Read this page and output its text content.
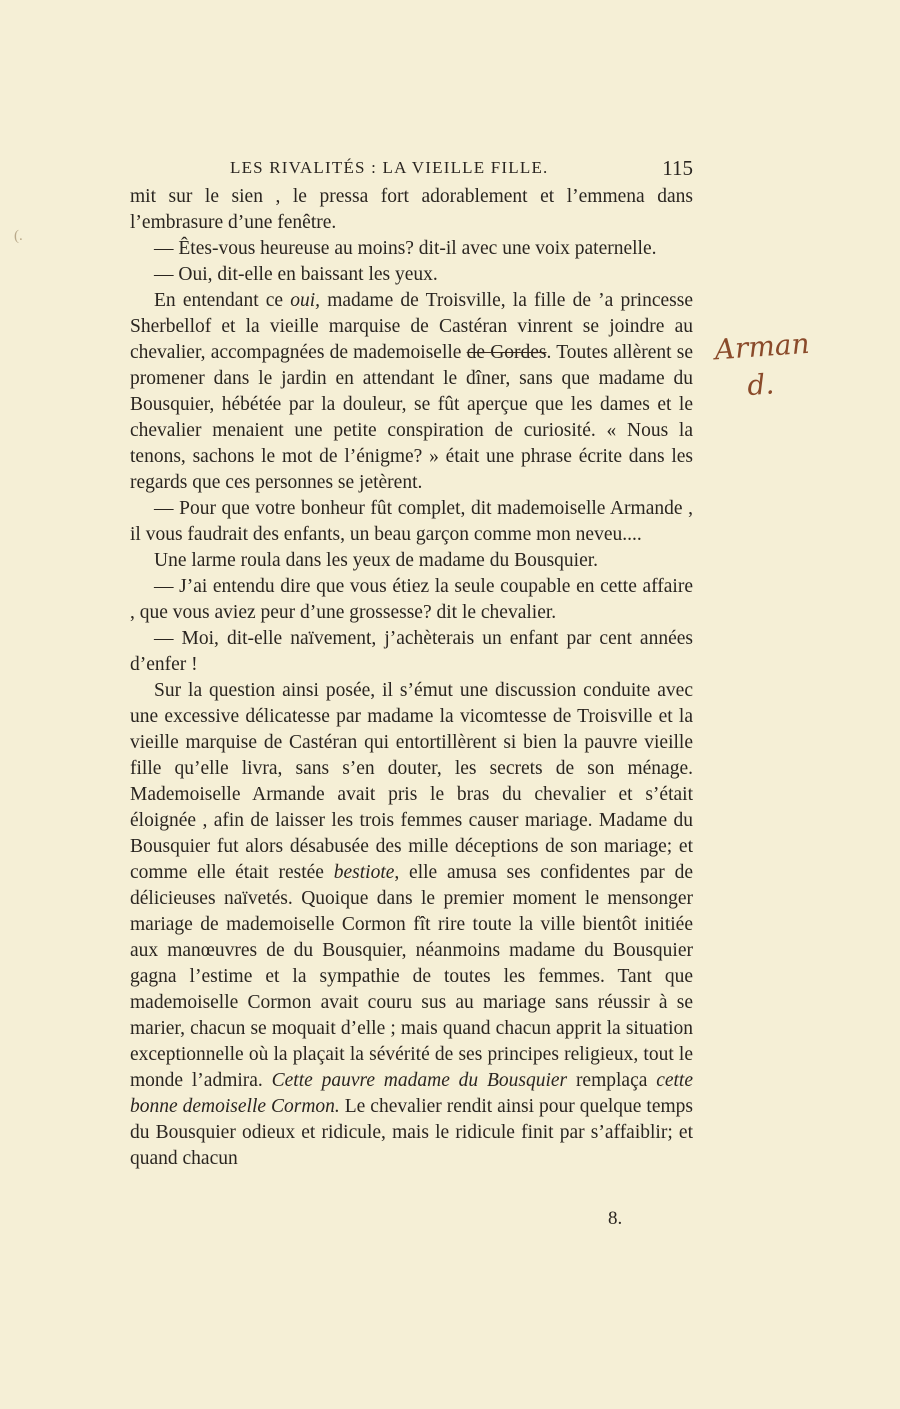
LES RIVALITÉS : LA VIEILLE FILLE.	115

mit sur le sien , le pressa fort adorablement et l’emmena dans l’embrasure d’une fenêtre.

— Êtes-vous heureuse au moins? dit-il avec une voix paternelle.

— Oui, dit-elle en baissant les yeux.

En entendant ce oui, madame de Troisville, la fille de ’a princesse Sherbellof et la vieille marquise de Castéran vinrent se joindre au chevalier, accompagnées de mademoiselle de Gordes. Toutes allèrent se promener dans le jardin en attendant le dîner, sans que madame du Bousquier, hébétée par la douleur, se fût aperçue que les dames et le chevalier menaient une petite conspiration de curiosité. « Nous la tenons, sachons le mot de l’énigme? » était une phrase écrite dans les regards que ces personnes se jetèrent.

— Pour que votre bonheur fût complet, dit mademoiselle Armande , il vous faudrait des enfants, un beau garçon comme mon neveu....

Une larme roula dans les yeux de madame du Bousquier.

— J’ai entendu dire que vous étiez la seule coupable en cette affaire , que vous aviez peur d’une grossesse? dit le chevalier.

— Moi, dit-elle naïvement, j’achèterais un enfant par cent années d’enfer !

Sur la question ainsi posée, il s’émut une discussion conduite avec une excessive délicatesse par madame la vicomtesse de Troisville et la vieille marquise de Castéran qui entortillèrent si bien la pauvre vieille fille qu’elle livra, sans s’en douter, les secrets de son ménage. Mademoiselle Armande avait pris le bras du chevalier et s’était éloignée , afin de laisser les trois femmes causer mariage. Madame du Bousquier fut alors désabusée des mille déceptions de son mariage; et comme elle était restée bestiote, elle amusa ses confidentes par de délicieuses naïvetés. Quoique dans le premier moment le mensonger mariage de mademoiselle Cormon fît rire toute la ville bientôt initiée aux manœuvres de du Bousquier, néanmoins madame du Bousquier gagna l’estime et la sympathie de toutes les femmes. Tant que mademoiselle Cormon avait couru sus au mariage sans réussir à se marier, chacun se moquait d’elle ; mais quand chacun apprit la situation exceptionnelle où la plaçait la sévérité de ses principes religieux, tout le monde l’admira. Cette pauvre madame du Bousquier remplaça cette bonne demoiselle Cormon. Le chevalier rendit ainsi pour quelque temps du Bousquier odieux et ridicule, mais le ridicule finit par s’affaiblir; et quand chacun

8.
Arman
d.
(.
